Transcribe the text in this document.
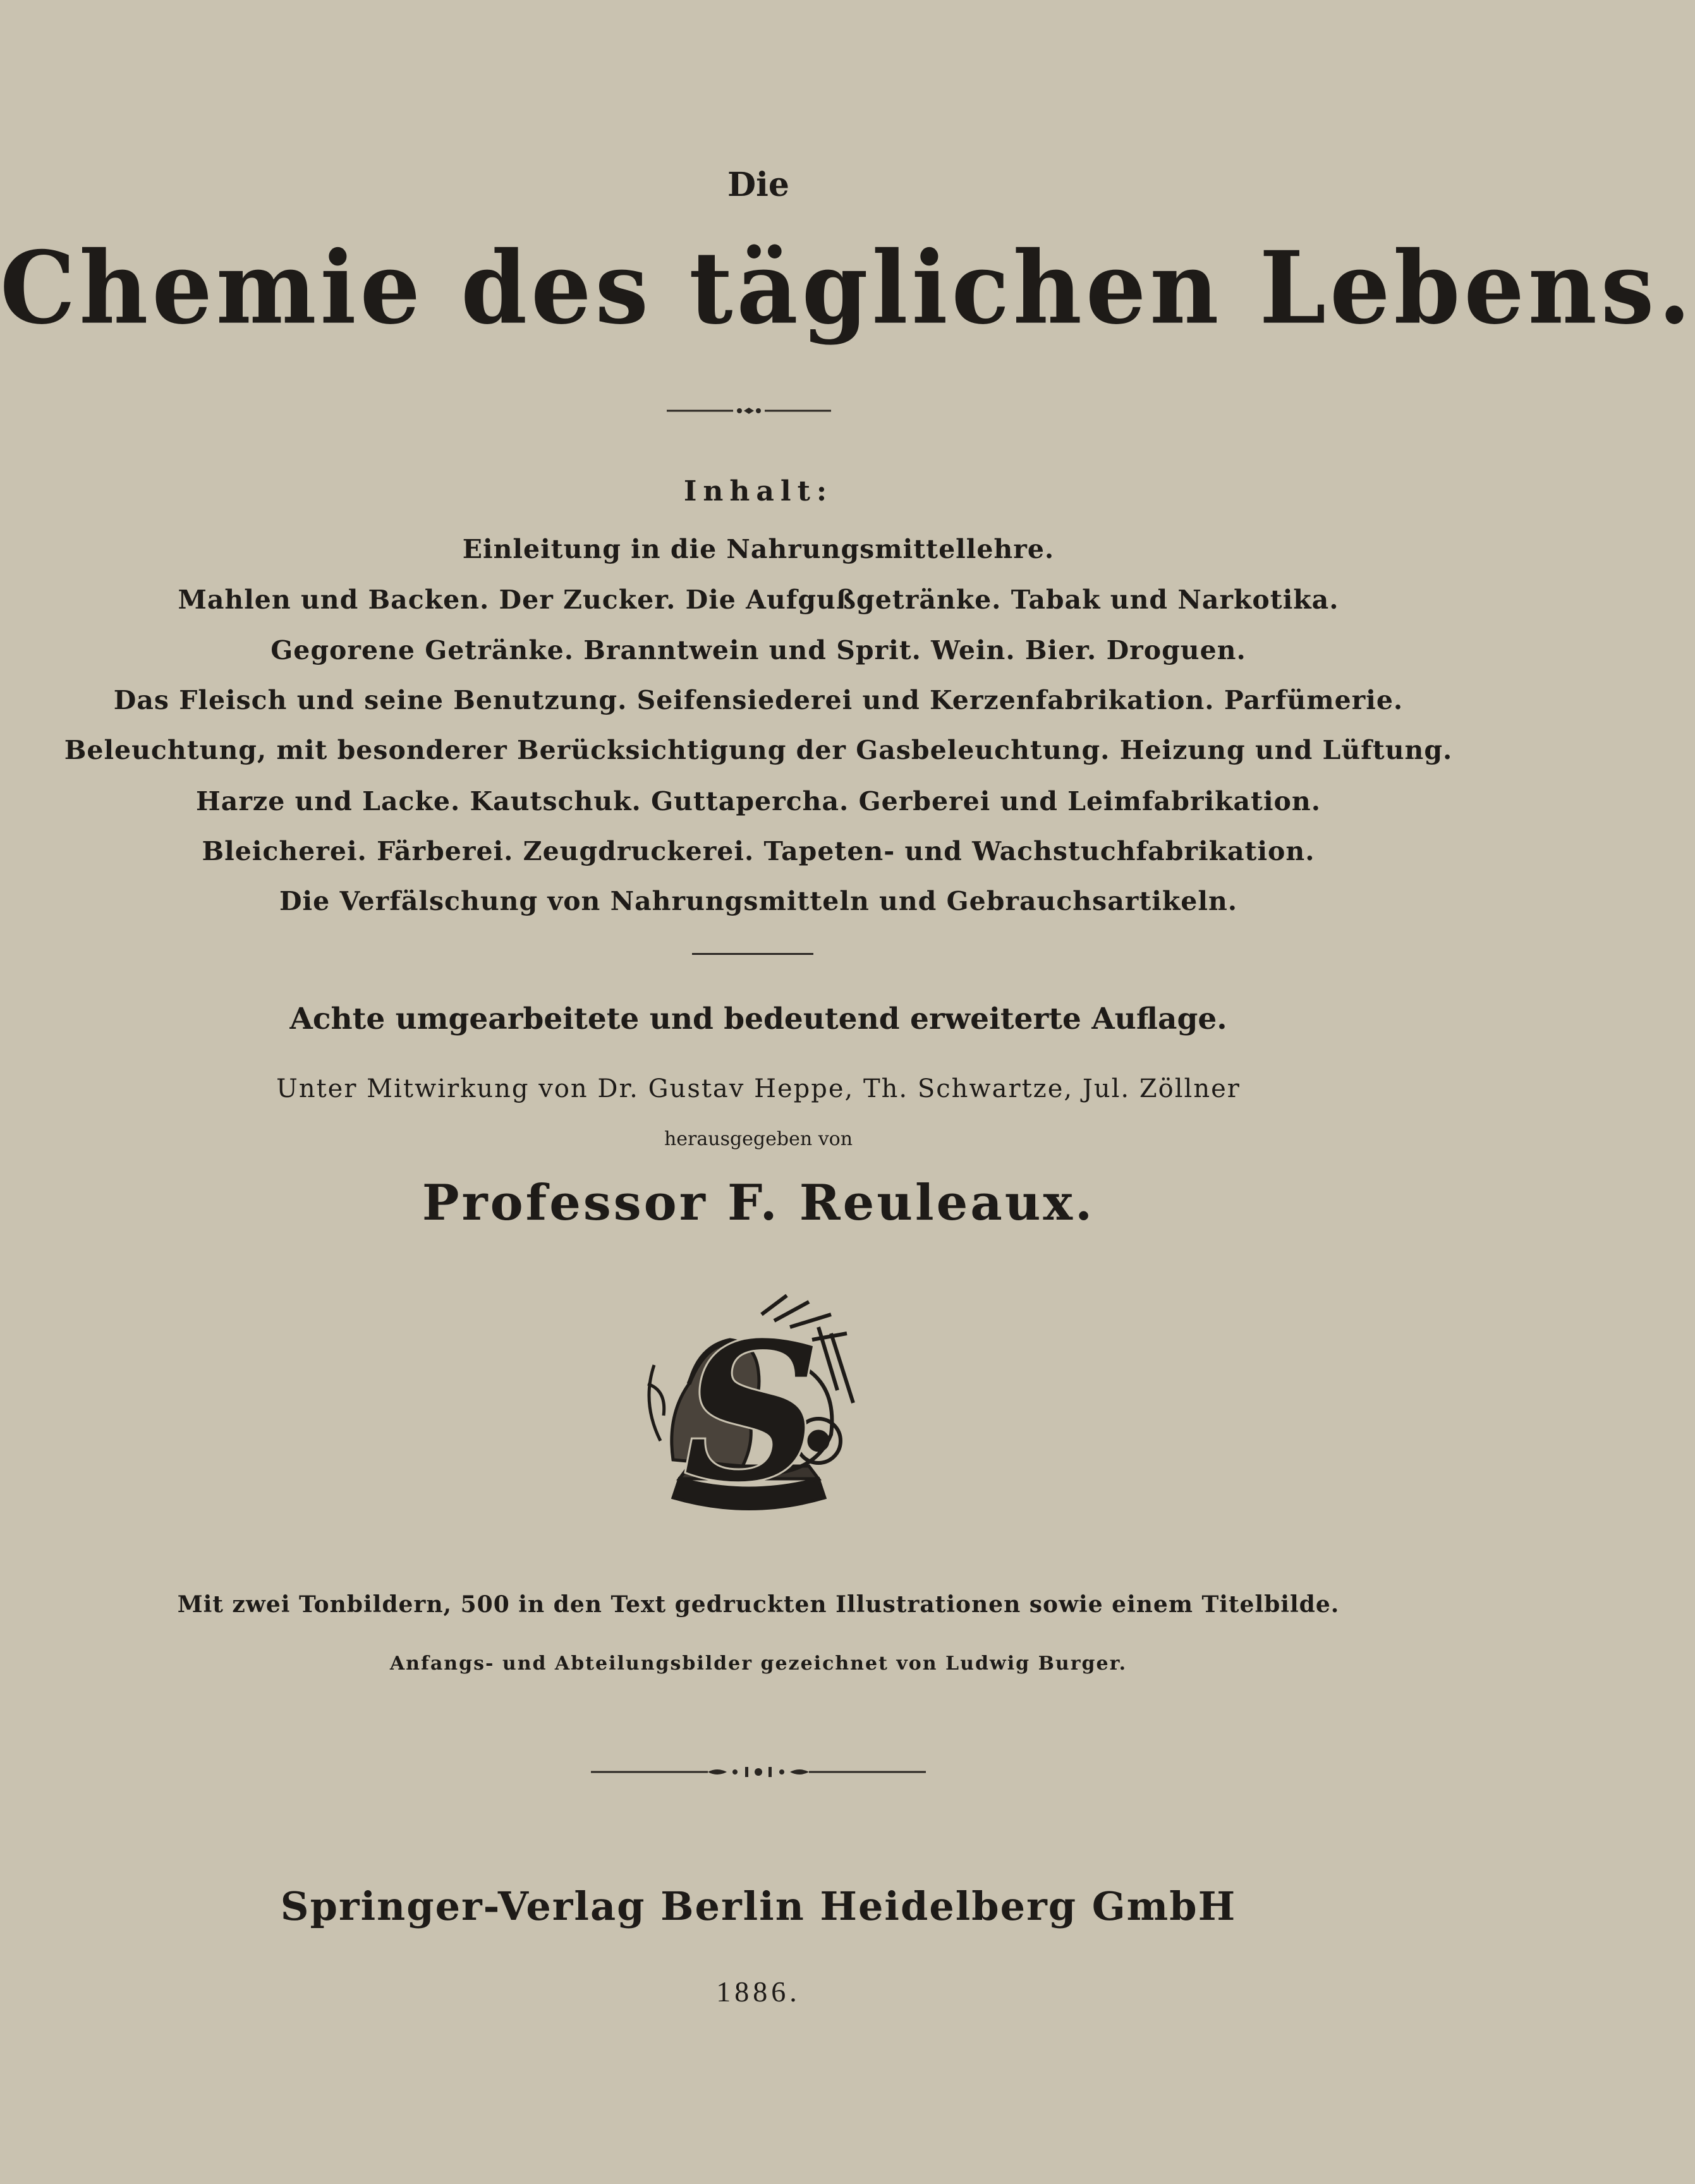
Die
Chemie des täglichen Lebens.
Inhalt:
Einleitung in die Nahrungsmittellehre.
Mahlen und Backen. Der Zucker. Die Aufgußgetränke. Tabak und Narkotika.
Gegorene Getränke. Branntwein und Sprit. Wein. Bier. Droguen.
Das Fleisch und seine Benutzung. Seifensiederei und Kerzenfabrikation. Parfümerie.
Beleuchtung, mit besonderer Berücksichtigung der Gasbeleuchtung. Heizung und Lüftung.
Harze und Lacke. Kautschuk. Guttapercha. Gerberei und Leimfabrikation.
Bleicherei. Färberei. Zeugdruckerei. Tapeten- und Wachstuchfabrikation.
Die Verfälschung von Nahrungsmitteln und Gebrauchsartikeln.
Achte umgearbeitete und bedeutend erweiterte Auflage.
Unter Mitwirkung von Dr. Gustav Heppe, Th. Schwartze, Jul. Zöllner
herausgegeben von
Professor F. Reuleaux.
S
Mit zwei Tonbildern, 500 in den Text gedruckten Illustrationen sowie einem Titelbilde.
Anfangs- und Abteilungsbilder gezeichnet von Ludwig Burger.
Springer-Verlag Berlin Heidelberg GmbH
1886.
